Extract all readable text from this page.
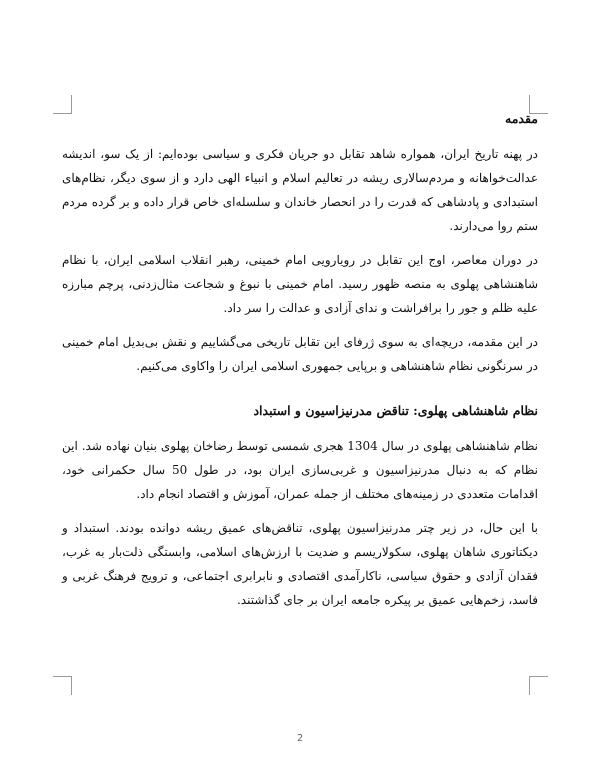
مقدمه

در پهنه تاریخ ایران، همواره شاهد تقابل دو جریان فکری و سیاسی بوده‌ایم: از یک سو، اندیشه عدالت‌خواهانه و مردم‌سالاری ریشه در تعالیم اسلام و انبیاء الهی دارد و از سوی دیگر، نظام‌های استبدادی و پادشاهی که قدرت را در انحصار خاندان و سلسله‌ای خاص قرار داده و بر گرده مردم ستم روا می‌دارند.

در دوران معاصر، اوج این تقابل در رویارویی امام خمینی، رهبر انقلاب اسلامی ایران، با نظام شاهنشاهی پهلوی به منصه ظهور رسید. امام خمینی با نبوغ و شجاعت مثال‌زدنی، پرچم مبارزه علیه ظلم و جور را برافراشت و ندای آزادی و عدالت را سر داد.

در این مقدمه، دریچه‌ای به سوی ژرفای این تقابل تاریخی می‌گشاییم و نقش بی‌بدیل امام خمینی در سرنگونی نظام شاهنشاهی و برپایی جمهوری اسلامی ایران را واکاوی می‌کنیم.

نظام شاهنشاهی پهلوی: تناقض مدرنیزاسیون و استبداد

نظام شاهنشاهی پهلوی در سال 1304 هجری شمسی توسط رضاخان پهلوی بنیان نهاده شد. این نظام که به دنبال مدرنیزاسیون و غربی‌سازی ایران بود، در طول 50 سال حکمرانی خود، اقدامات متعددی در زمینه‌های مختلف از جمله عمران، آموزش و اقتصاد انجام داد.

با این حال، در زیر چتر مدرنیزاسیون پهلوی، تناقض‌های عمیق ریشه دوانده بودند. استبداد و دیکتاتوری شاهان پهلوی، سکولاریسم و ضدیت با ارزش‌های اسلامی، وابستگی ذلت‌بار به غرب، فقدان آزادی و حقوق سیاسی، ناکارآمدی اقتصادی و نابرابری اجتماعی، و ترویج فرهنگ غربی و فاسد، زخم‌هایی عمیق بر پیکره جامعه ایران بر جای گذاشتند.

2
